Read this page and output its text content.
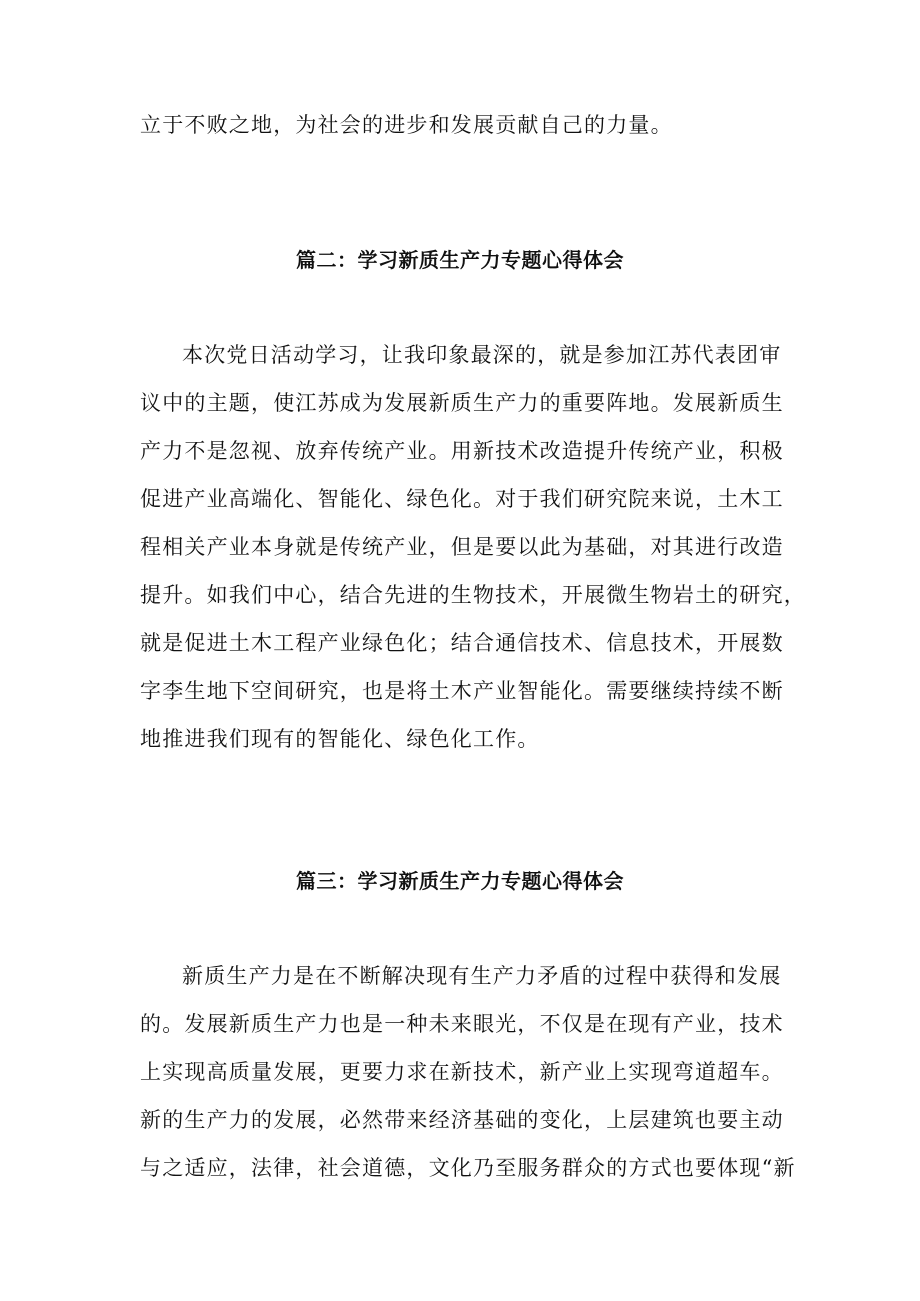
立于不败之地，为社会的进步和发展贡献自己的力量。
篇二：学习新质生产力专题心得体会
本次党日活动学习，让我印象最深的，就是参加江苏代表团审
议中的主题，使江苏成为发展新质生产力的重要阵地。发展新质生
产力不是忽视、放弃传统产业。用新技术改造提升传统产业，积极
促进产业高端化、智能化、绿色化。对于我们研究院来说，土木工
程相关产业本身就是传统产业，但是要以此为基础，对其进行改造
提升。如我们中心，结合先进的生物技术，开展微生物岩土的研究，
就是促进土木工程产业绿色化；结合通信技术、信息技术，开展数
字李生地下空间研究，也是将土木产业智能化。需要继续持续不断
地推进我们现有的智能化、绿色化工作。
篇三：学习新质生产力专题心得体会
新质生产力是在不断解决现有生产力矛盾的过程中获得和发展
的。发展新质生产力也是一种未来眼光，不仅是在现有产业，技术
上实现高质量发展，更要力求在新技术，新产业上实现弯道超车。
新的生产力的发展，必然带来经济基础的变化，上层建筑也要主动
与之适应，法律，社会道德，文化乃至服务群众的方式也要体现“新
